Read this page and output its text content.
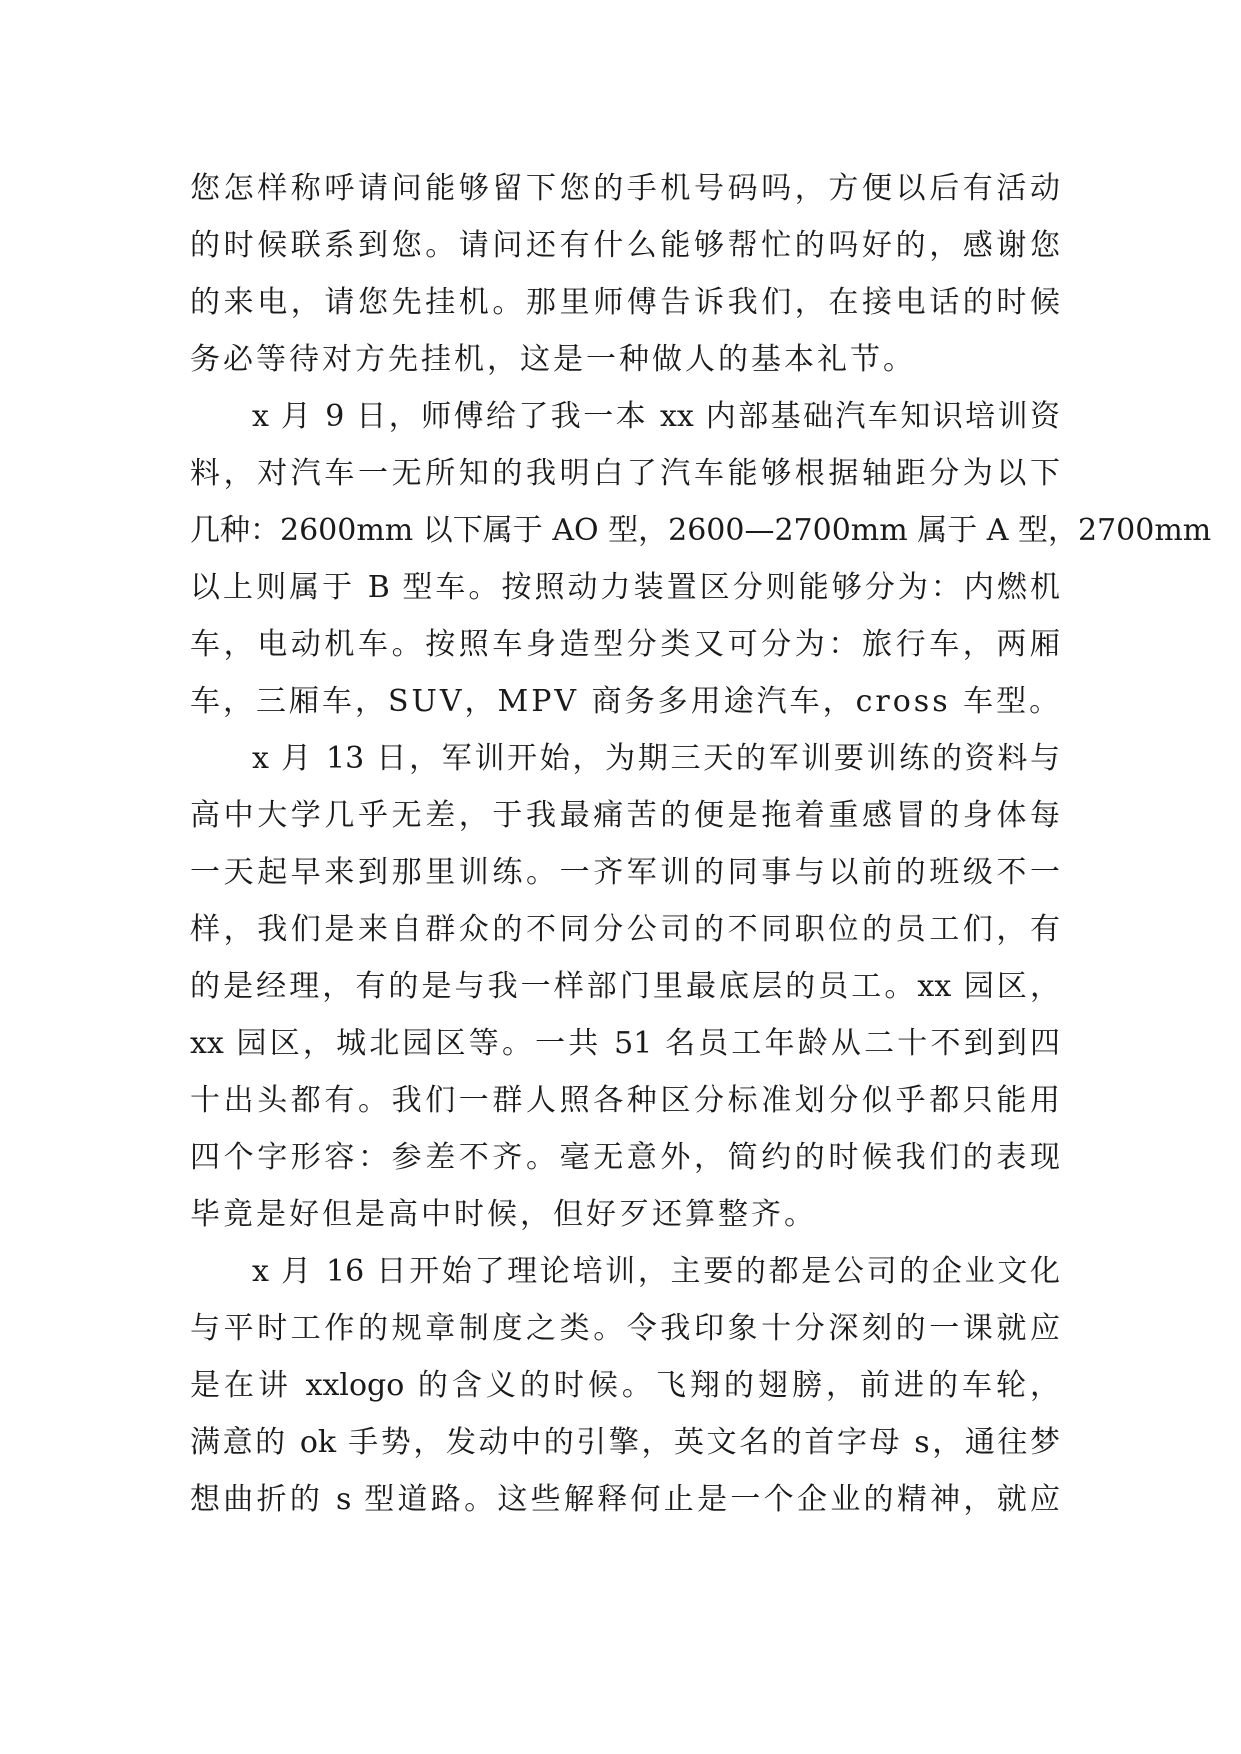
您怎样称呼请问能够留下您的手机号码吗，方便以后有活动
的时候联系到您。请问还有什么能够帮忙的吗好的，感谢您
的来电，请您先挂机。那里师傅告诉我们，在接电话的时候
务必等待对方先挂机，这是一种做人的基本礼节。
x 月 9 日，师傅给了我一本 xx 内部基础汽车知识培训资
料，对汽车一无所知的我明白了汽车能够根据轴距分为以下
几种：2600mm 以下属于 AO 型，2600—2700mm 属于 A 型，2700mm
以上则属于 B 型车。按照动力装置区分则能够分为：内燃机
车，电动机车。按照车身造型分类又可分为：旅行车，两厢
车，三厢车，SUV，MPV 商务多用途汽车，cross 车型。
x 月 13 日，军训开始，为期三天的军训要训练的资料与
高中大学几乎无差，于我最痛苦的便是拖着重感冒的身体每
一天起早来到那里训练。一齐军训的同事与以前的班级不一
样，我们是来自群众的不同分公司的不同职位的员工们，有
的是经理，有的是与我一样部门里最底层的员工。xx 园区，
xx 园区，城北园区等。一共 51 名员工年龄从二十不到到四
十出头都有。我们一群人照各种区分标准划分似乎都只能用
四个字形容：参差不齐。毫无意外，简约的时候我们的表现
毕竟是好但是高中时候，但好歹还算整齐。
x 月 16 日开始了理论培训，主要的都是公司的企业文化
与平时工作的规章制度之类。令我印象十分深刻的一课就应
是在讲 xxlogo 的含义的时候。飞翔的翅膀，前进的车轮，
满意的 ok 手势，发动中的引擎，英文名的首字母 s，通往梦
想曲折的 s 型道路。这些解释何止是一个企业的精神，就应
